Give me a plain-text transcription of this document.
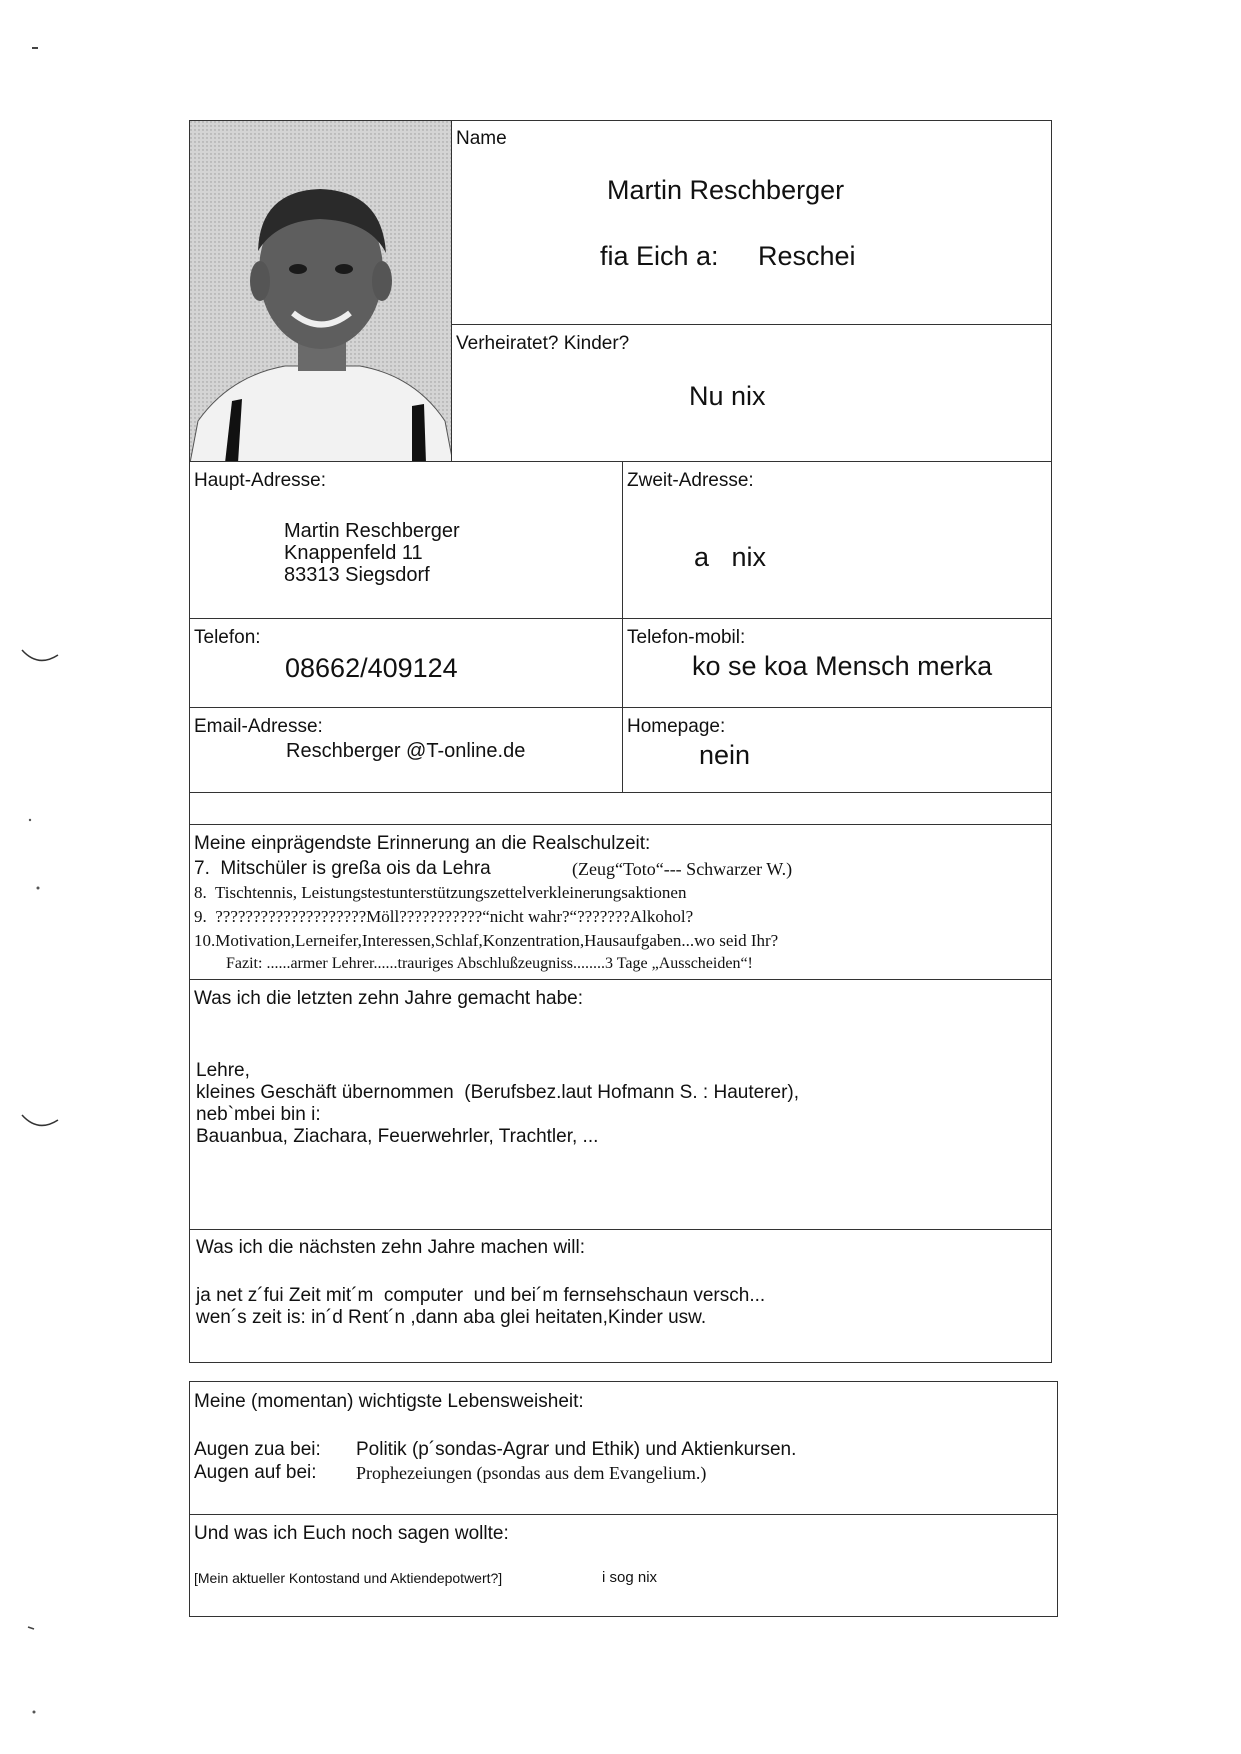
Name
Martin Reschberger
fia Eich a: Reschei
Verheiratet? Kinder?
Nu nix
Haupt-Adresse:
Martin Reschberger
Knappenfeld 11
83313 Siegsdorf
Zweit-Adresse:
a   nix
Telefon:
08662/409124
Telefon-mobil:
ko se koa Mensch merka
Email-Adresse:
Reschberger @T-online.de
Homepage:
nein
Meine einprägendste Erinnerung an die Realschulzeit:
7.  Mitschüler is greßa ois da Lehra	(Zeug“Toto“--- Schwarzer W.)
8.  Tischtennis, Leistungstestunterstützungszettelverkleinerungsaktionen
9.  ????????????????????Möll???????????“nicht wahr?“???????Alkohol?
10.Motivation,Lerneifer,Interessen,Schlaf,Konzentration,Hausaufgaben...wo seid Ihr?
Fazit: ......armer Lehrer......trauriges Abschlußzeugniss........3 Tage „Ausscheiden“!
Was ich die letzten zehn Jahre gemacht habe:
Lehre,
kleines Geschäft übernommen  (Berufsbez.laut Hofmann S. : Hauterer),
neb`mbei bin i:
Bauanbua, Ziachara, Feuerwehrler, Trachtler, ...
Was ich die nächsten zehn Jahre machen will:
ja net z´fui Zeit mit´m  computer  und bei´m fernsehschaun versch...
wen´s zeit is: in´d Rent´n ,dann aba glei heitaten,Kinder usw.
Meine (momentan) wichtigste Lebensweisheit:
Augen zua bei: Politik (p´sondas-Agrar und Ethik) und Aktienkursen.
Augen auf bei: Prophezeiungen (psondas aus dem Evangelium.)
Und was ich Euch noch sagen wollte:
[Mein aktueller Kontostand und Aktiendepotwert?]	i sog nix
